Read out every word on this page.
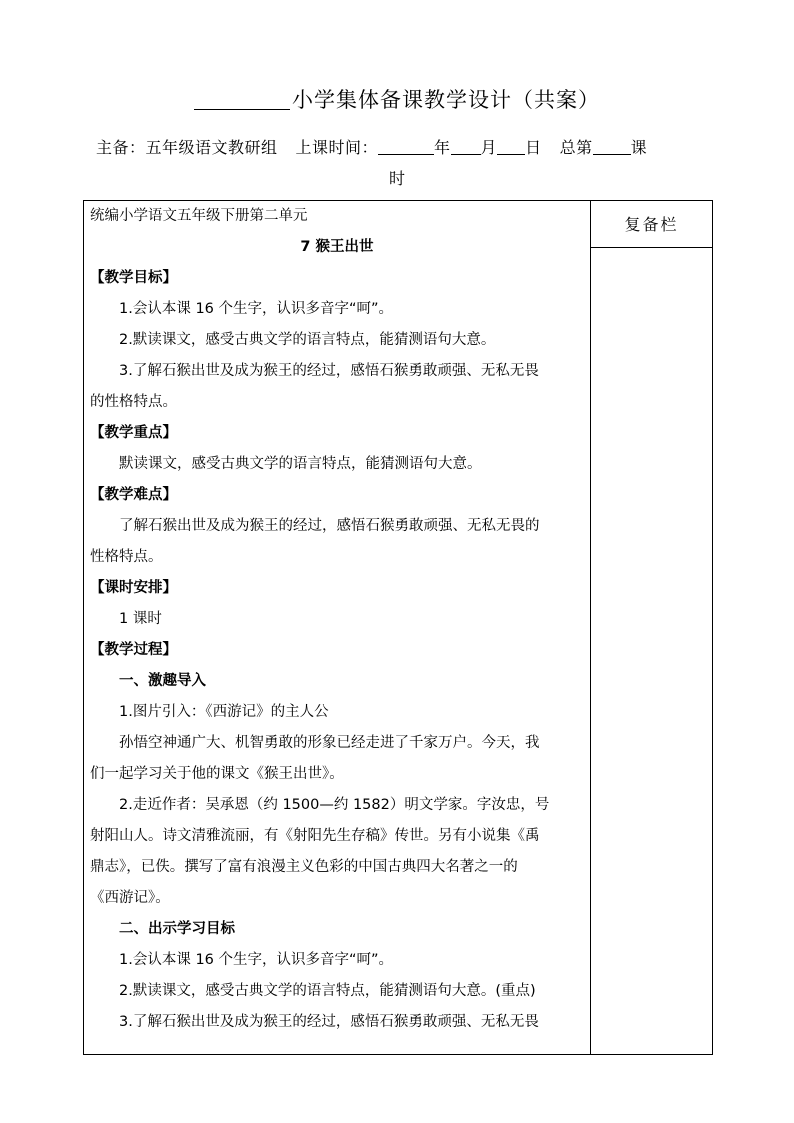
小学集体备课教学设计（共案）
主备：五年级语文教研组 上课时间：	年 月 日 总第 课
时
统编小学语文五年级下册第二单元
7 猴王出世
【教学目标】
1.会认本课 16 个生字，认识多音字“呵”。
2.默读课文，感受古典文学的语言特点，能猜测语句大意。
3.了解石猴出世及成为猴王的经过，感悟石猴勇敢顽强、无私无畏
的性格特点。
【教学重点】
默读课文，感受古典文学的语言特点，能猜测语句大意。
【教学难点】
了解石猴出世及成为猴王的经过，感悟石猴勇敢顽强、无私无畏的
性格特点。
【课时安排】
1 课时
【教学过程】
一、激趣导入
1.图片引入：《西游记》的主人公
孙悟空神通广大、机智勇敢的形象已经走进了千家万户。今天，我
们一起学习关于他的课文《猴王出世》。
2.走近作者：吴承恩（约 1500—约 1582）明文学家。字汝忠，号
射阳山人。诗文清雅流丽，有《射阳先生存稿》传世。另有小说集《禹
鼎志》，已佚。撰写了富有浪漫主义色彩的中国古典四大名著之一的
《西游记》。
二、出示学习目标
1.会认本课 16 个生字，认识多音字“呵”。
2.默读课文，感受古典文学的语言特点，能猜测语句大意。(重点)
3.了解石猴出世及成为猴王的经过，感悟石猴勇敢顽强、无私无畏

复备栏
